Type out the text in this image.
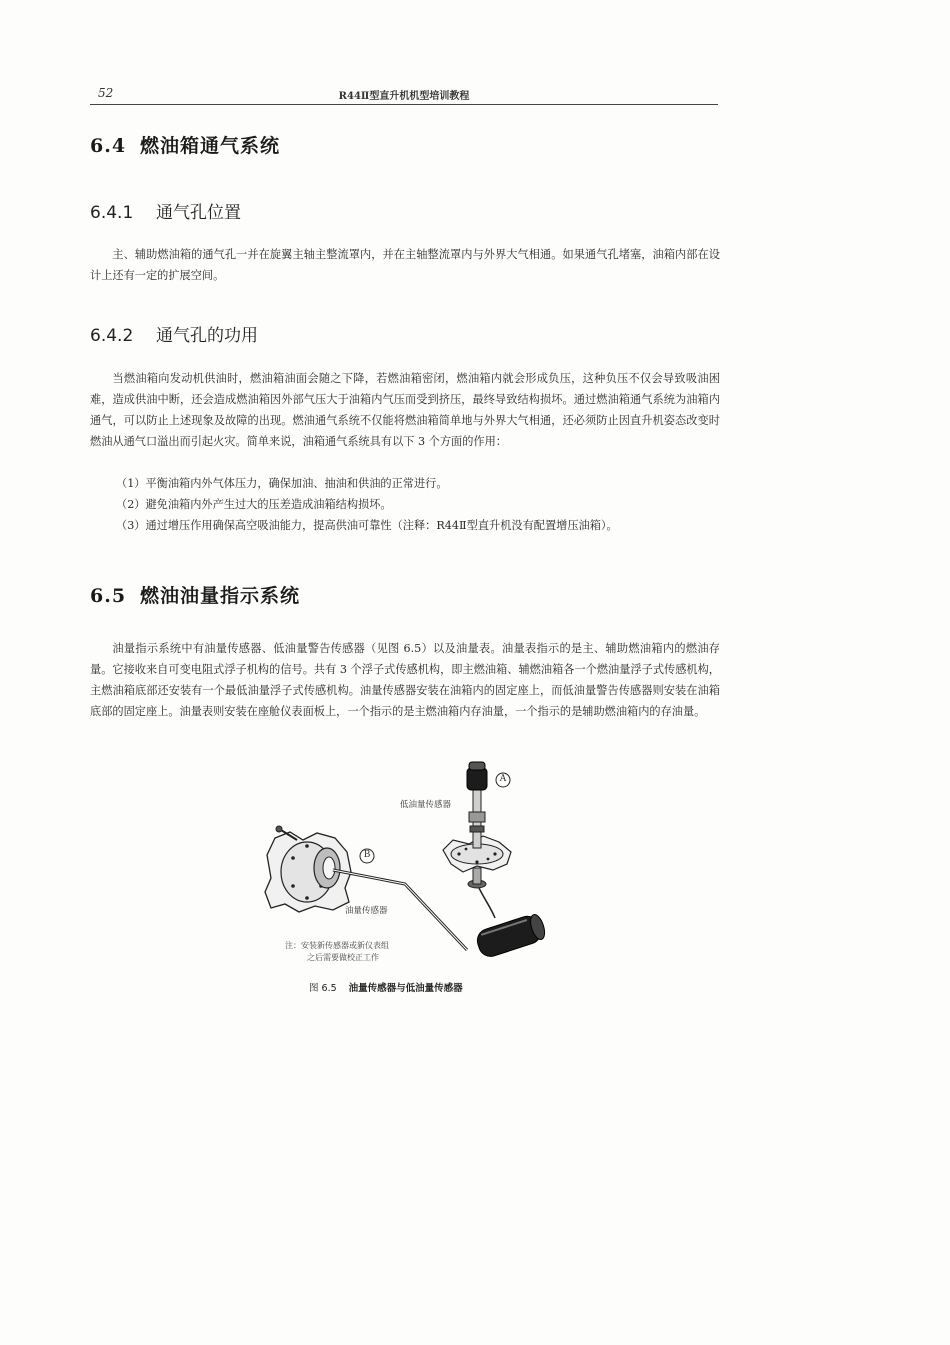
52	R44Ⅱ型直升机机型培训教程
6.4 燃油箱通气系统
6.4.1 通气孔位置

主、辅助燃油箱的通气孔一并在旋翼主轴主整流罩内，并在主轴整流罩内与外界大气相通。如果通气孔堵塞，油箱内部在设计上还有一定的扩展空间。

6.4.2 通气孔的功用

当燃油箱向发动机供油时，燃油箱油面会随之下降，若燃油箱密闭，燃油箱内就会形成负压，这种负压不仅会导致吸油困难，造成供油中断，还会造成燃油箱因外部气压大于油箱内气压而受到挤压，最终导致结构损坏。通过燃油箱通气系统为油箱内通气，可以防止上述现象及故障的出现。燃油通气系统不仅能将燃油箱简单地与外界大气相通，还必须防止因直升机姿态改变时燃油从通气口溢出而引起火灾。简单来说，油箱通气系统具有以下 3 个方面的作用：

（1）平衡油箱内外气体压力，确保加油、抽油和供油的正常进行。
（2）避免油箱内外产生过大的压差造成油箱结构损坏。
（3）通过增压作用确保高空吸油能力，提高供油可靠性（注释：R44Ⅱ型直升机没有配置增压油箱）。
6.5 燃油油量指示系统

油量指示系统中有油量传感器、低油量警告传感器（见图 6.5）以及油量表。油量表指示的是主、辅助燃油箱内的燃油存量。它接收来自可变电阻式浮子机构的信号。共有 3 个浮子式传感机构，即主燃油箱、辅燃油箱各一个燃油量浮子式传感机构，主燃油箱底部还安装有一个最低油量浮子式传感机构。油量传感器安装在油箱内的固定座上，而低油量警告传感器则安装在油箱底部的固定座上。油量表则安装在座舱仪表面板上，一个指示的是主燃油箱内存油量，一个指示的是辅助燃油箱内的存油量。

A
B
低油量传感器
油量传感器
注：安装新传感器或新仪表组
之后需要做校正工作
图 6.5 油量传感器与低油量传感器
